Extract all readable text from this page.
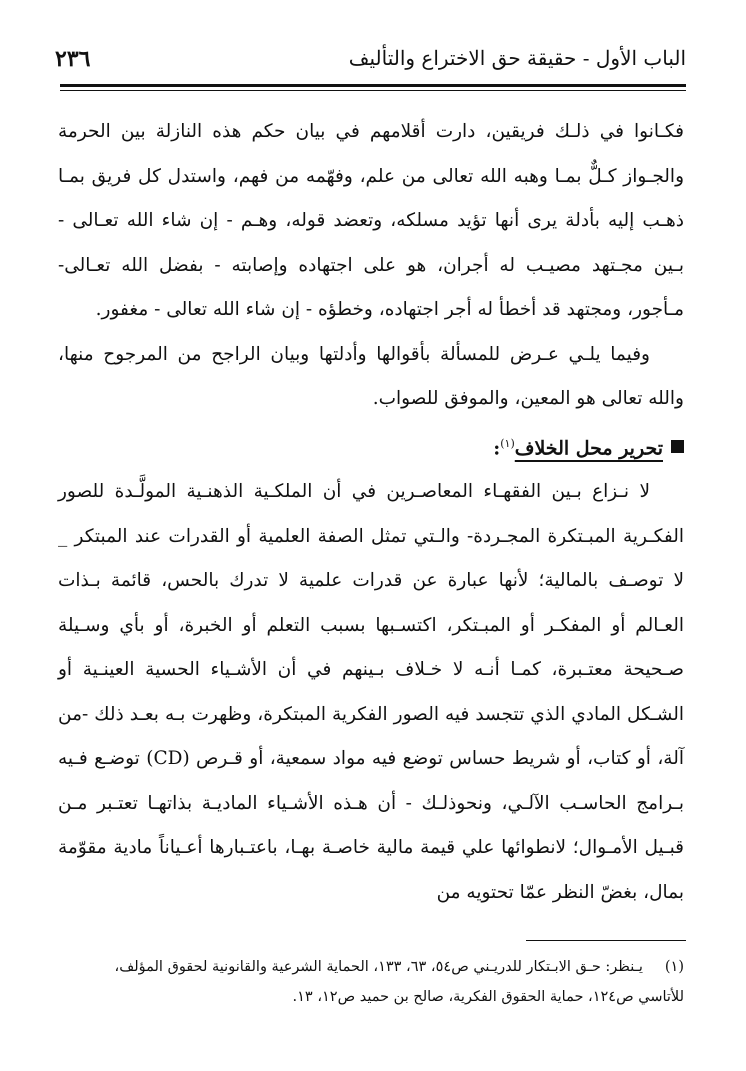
٢٣٦	الباب الأول - حقيقة حق الاختراع والتأليف

فكـانوا في ذلـك فريقين، دارت أقلامهم في بيان حكم هذه النازلة بين الحرمة والجـواز كـلٌّ بمـا وهبه الله تعالى من علم، وفهّمه من فهم، واستدل كل فريق بمـا ذهـب إليه بأدلة يرى أنها تؤيد مسلكه، وتعضد قوله، وهـم - إن شاء الله تعـالى - بـين مجـتهد مصيـب له أجران، هو على اجتهاده وإصابته - بفضل الله تعـالى- مـأجور، ومجتهد قد أخطأ له أجر اجتهاده، وخطؤه - إن شاء الله تعالى - مغفور.

وفيما يلـي عـرض للمسألة بأقوالها وأدلتها وبيان الراجح من المرجوح منها، والله تعالى هو المعين، والموفق للصواب.

تحرير محل الخلاف$^{(١)}$:

لا نـزاع بـين الفقهـاء المعاصـرين في أن الملكـية الذهنـية المولَّـدة للصور الفكـرية المبـتكرة المجـردة- والـتي تمثل الصفة العلمية أو القدرات عند المبتكر _ لا توصـف بالمالية؛ لأنها عبارة عن قدرات علمية لا تدرك بالحس، قائمة بـذات العـالم أو المفكـر أو المبـتكر، اكتسـبها بسبب التعلم أو الخبرة، أو بأي وسـيلة صـحيحة معتـبرة، كمـا أنـه لا خـلاف بـينهم في أن الأشـياء الحسية العينـية أو الشـكل المادي الذي تتجسد فيه الصور الفكرية المبتكرة، وظهرت بـه بعـد ذلك -من آلة، أو كتاب، أو شريط حساس توضع فيه مواد سمعية، أو قـرص (CD) توضـع فـيه بـرامج الحاسـب الآلـي، ونحوذلـك - أن هـذه الأشـياء الماديـة بذاتهـا تعتـبر مـن قبـيل الأمـوال؛ لانطوائها علي قيمة مالية خاصـة بهـا، باعتـبارها أعـياناً مادية مقوّمة بمال، بغضّ النظر عمّا تحتويه من

(١)يـنظر: حـق الابـتكار للدريـني ص٥٤، ٦٣، ١٣٣، الحماية الشرعية والقانونية لحقوق المؤلف،

للأتاسي ص١٢٤، حماية الحقوق الفكرية، صالح بن حميد ص١٢، ١٣.
